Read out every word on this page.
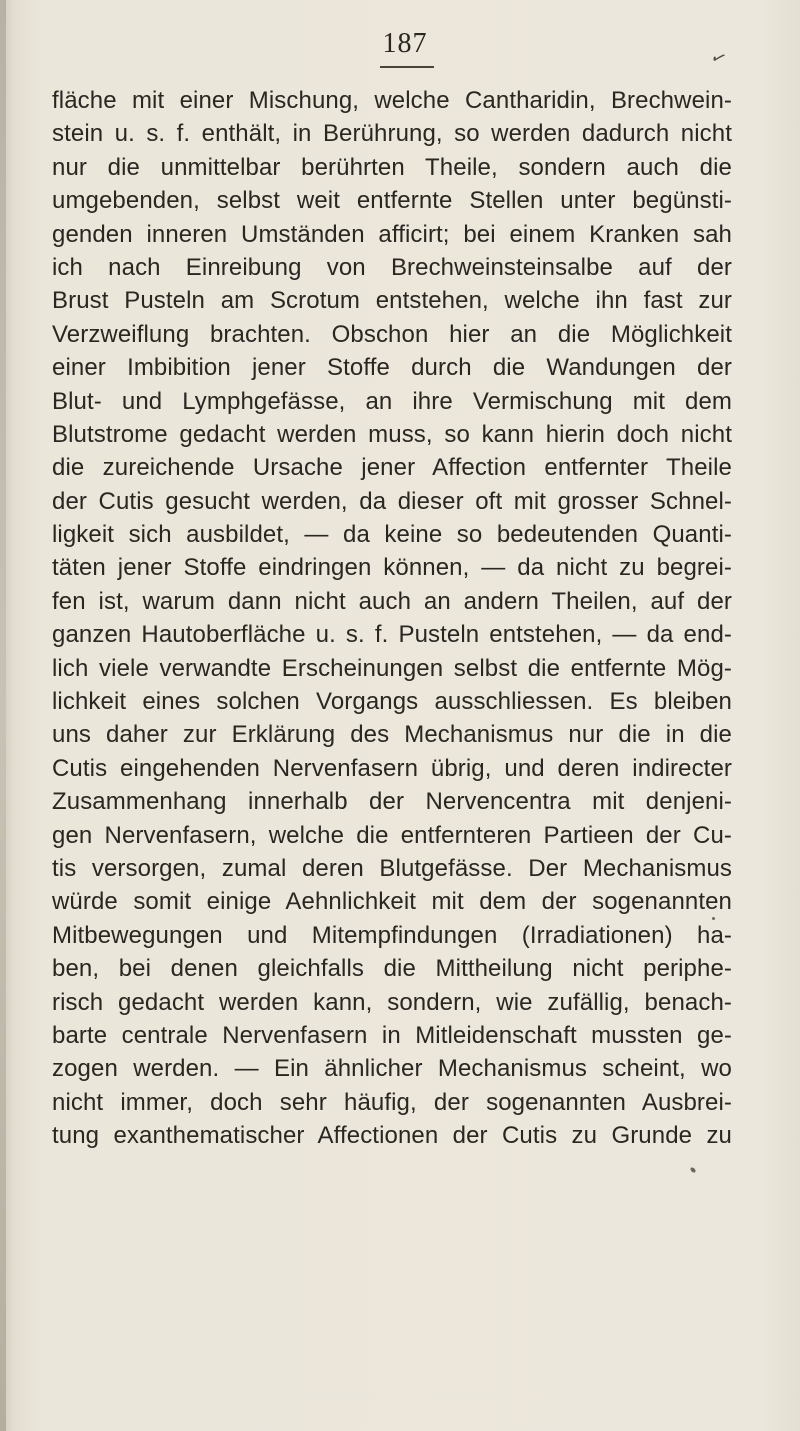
187	✓
fläche mit einer Mischung, welche Cantharidin, Brechwein-
stein u. s. f. enthält, in Berührung, so werden dadurch nicht
nur die unmittelbar berührten Theile, sondern auch die
umgebenden, selbst weit entfernte Stellen unter begünsti-
genden inneren Umständen afficirt; bei einem Kranken sah
ich nach Einreibung von Brechweinsteinsalbe auf der
Brust Pusteln am Scrotum entstehen, welche ihn fast zur
Verzweiflung brachten. Obschon hier an die Möglichkeit
einer Imbibition jener Stoffe durch die Wandungen der
Blut- und Lymphgefässe, an ihre Vermischung mit dem
Blutstrome gedacht werden muss, so kann hierin doch nicht
die zureichende Ursache jener Affection entfernter Theile
der Cutis gesucht werden, da dieser oft mit grosser Schnel-
ligkeit sich ausbildet, — da keine so bedeutenden Quanti-
täten jener Stoffe eindringen können, — da nicht zu begrei-
fen ist, warum dann nicht auch an andern Theilen, auf der
ganzen Hautoberfläche u. s. f. Pusteln entstehen, — da end-
lich viele verwandte Erscheinungen selbst die entfernte Mög-
lichkeit eines solchen Vorgangs ausschliessen. Es bleiben
uns daher zur Erklärung des Mechanismus nur die in die
Cutis eingehenden Nervenfasern übrig, und deren indirecter
Zusammenhang innerhalb der Nervencentra mit denjeni-
gen Nervenfasern, welche die entfernteren Partieen der Cu-
tis versorgen, zumal deren Blutgefässe. Der Mechanismus
würde somit einige Aehnlichkeit mit dem der sogenannten
Mitbewegungen und Mitempfindungen (Irradiationen) ha-
ben, bei denen gleichfalls die Mittheilung nicht periphe-
risch gedacht werden kann, sondern, wie zufällig, benach-
barte centrale Nervenfasern in Mitleidenschaft mussten ge-
zogen werden. — Ein ähnlicher Mechanismus scheint, wo
nicht immer, doch sehr häufig, der sogenannten Ausbrei-
tung exanthematischer Affectionen der Cutis zu Grunde zu
